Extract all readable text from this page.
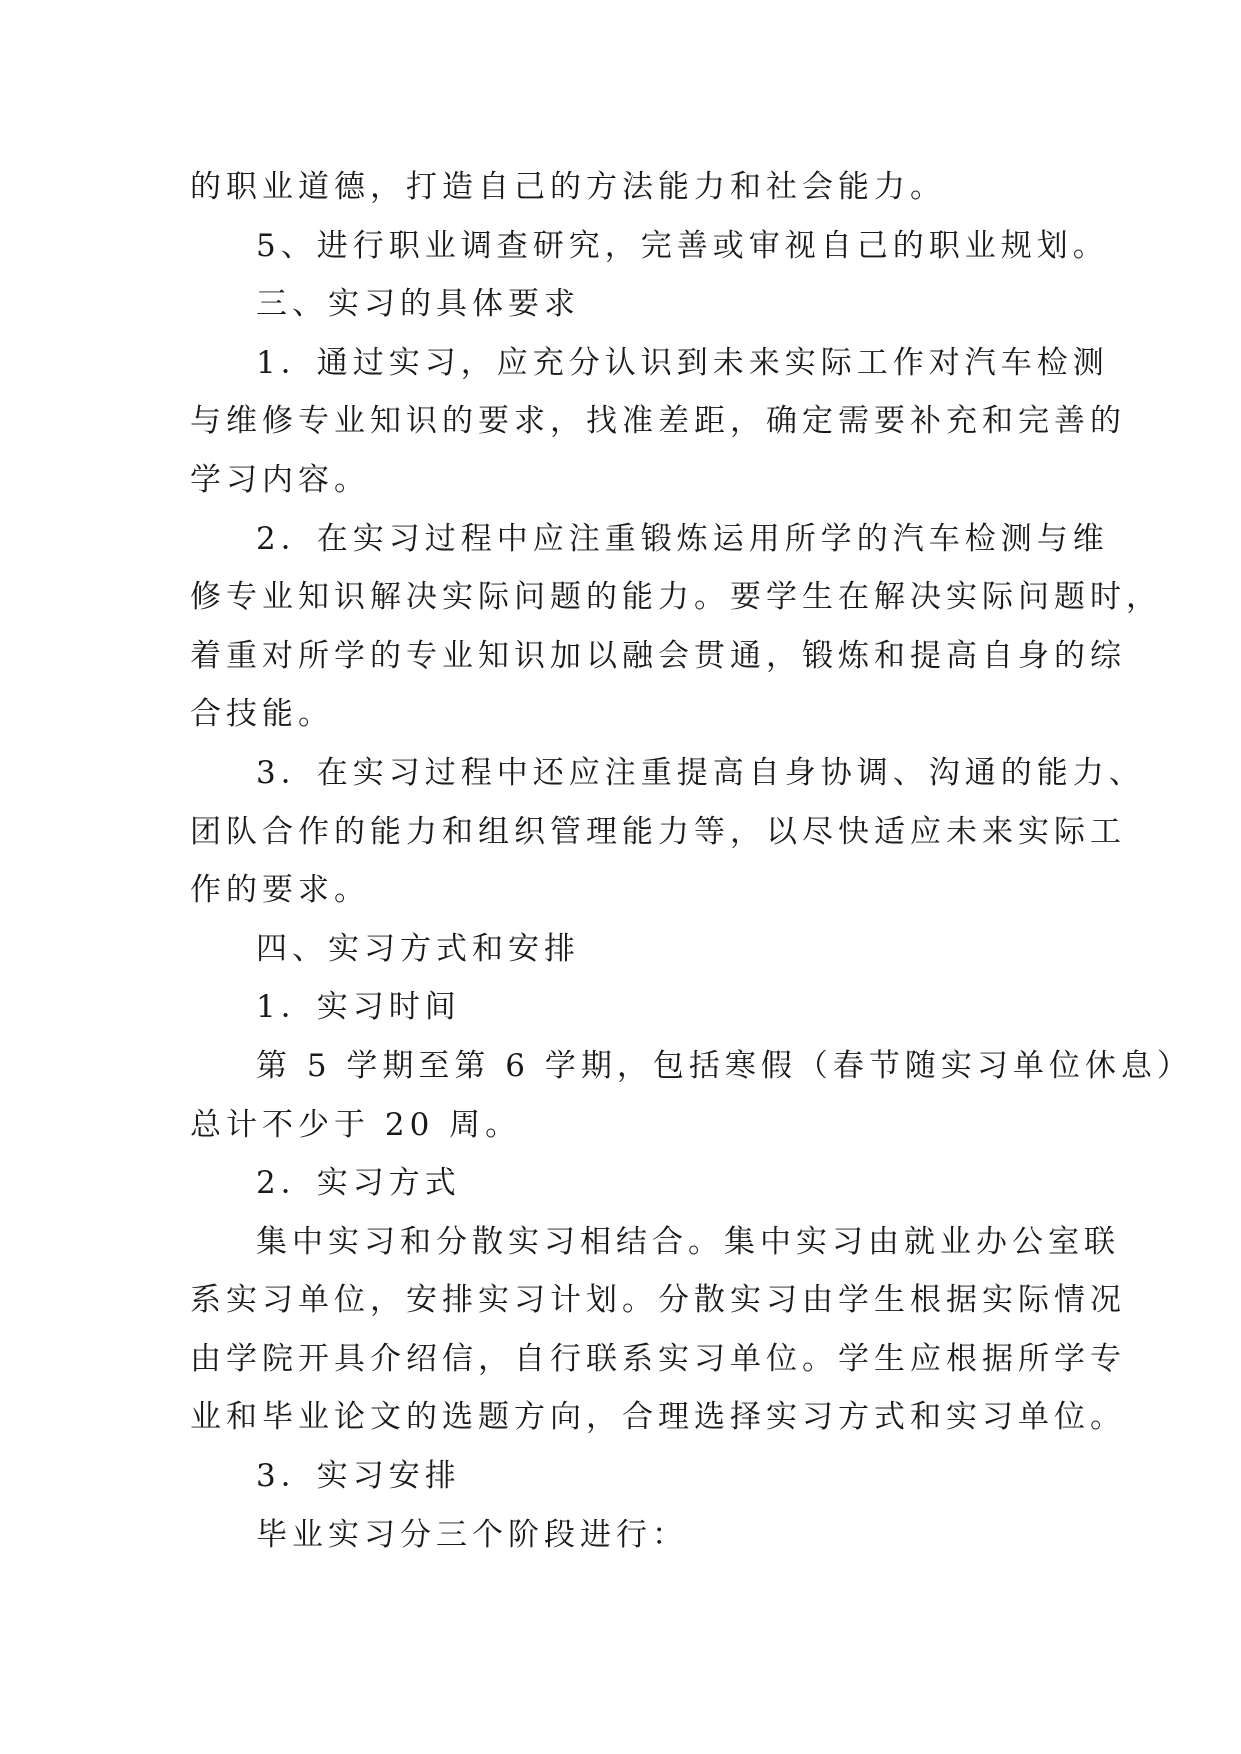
的职业道德，打造自己的方法能力和社会能力。
5、进行职业调查研究，完善或审视自己的职业规划。
三、实习的具体要求
1．通过实习，应充分认识到未来实际工作对汽车检测
与维修专业知识的要求，找准差距，确定需要补充和完善的
学习内容。
2．在实习过程中应注重锻炼运用所学的汽车检测与维
修专业知识解决实际问题的能力。要学生在解决实际问题时，
着重对所学的专业知识加以融会贯通，锻炼和提高自身的综
合技能。
3．在实习过程中还应注重提高自身协调、沟通的能力、
团队合作的能力和组织管理能力等，以尽快适应未来实际工
作的要求。
四、实习方式和安排
1．实习时间
第 5 学期至第 6 学期，包括寒假（春节随实习单位休息）
总计不少于 20 周。
2．实习方式
集中实习和分散实习相结合。集中实习由就业办公室联
系实习单位，安排实习计划。分散实习由学生根据实际情况
由学院开具介绍信，自行联系实习单位。学生应根据所学专
业和毕业论文的选题方向，合理选择实习方式和实习单位。
3．实习安排
毕业实习分三个阶段进行：
